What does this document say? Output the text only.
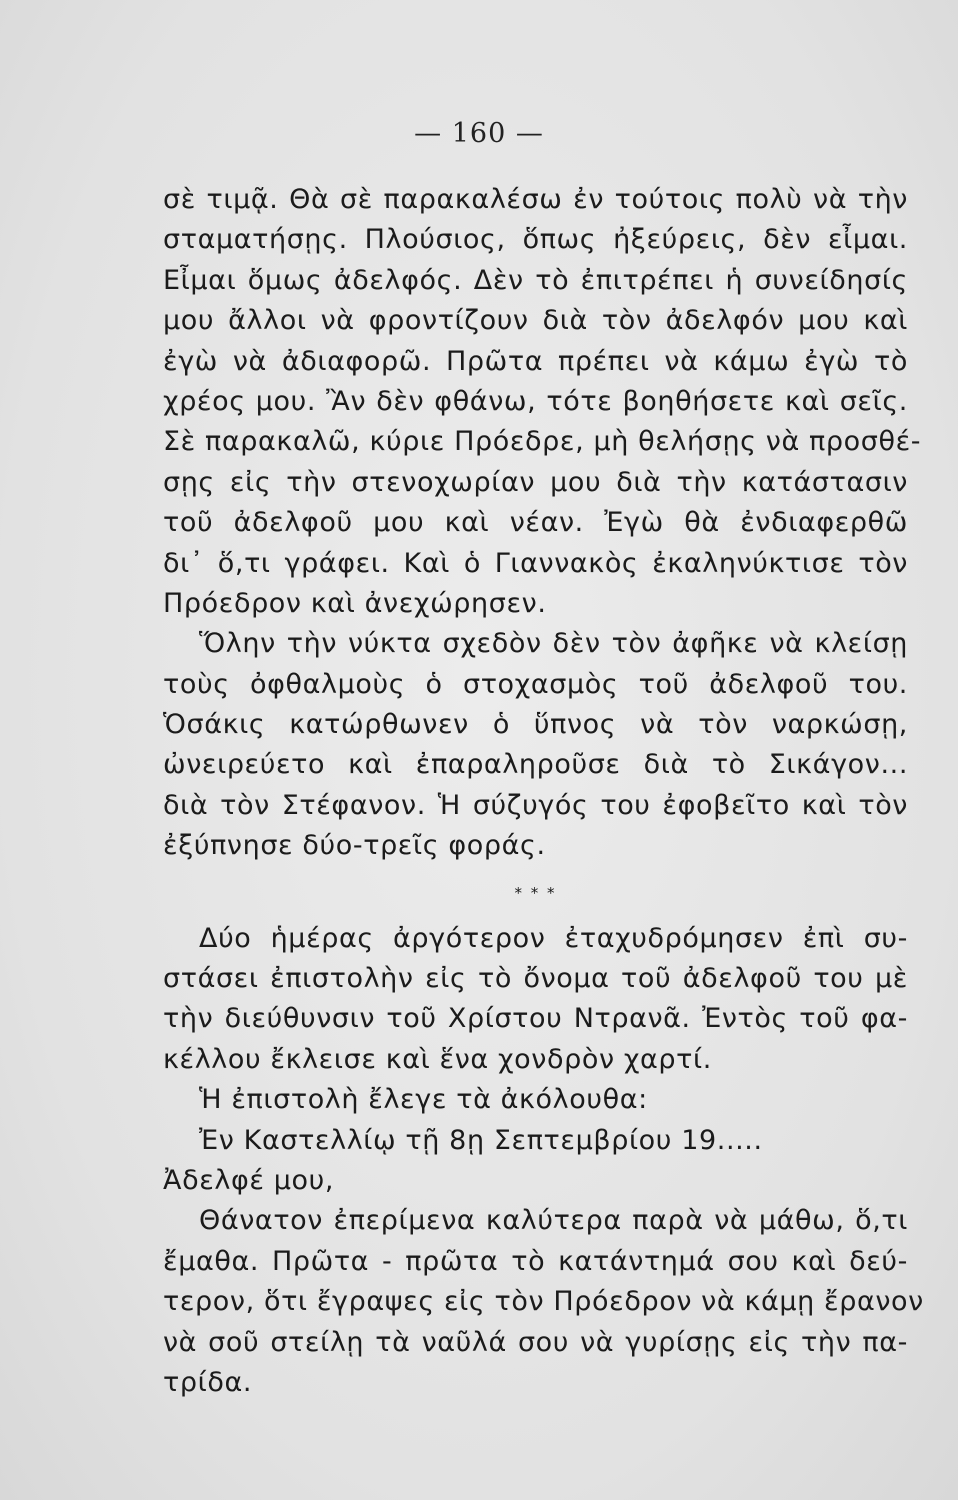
— 160 —
σὲ τιμᾷ. Θὰ σὲ παρακαλέσω ἐν τούτοις πολὺ νὰ τὴν
σταματήσῃς. Πλούσιος, ὅπως ἠξεύρεις, δὲν εἶμαι.
Εἶμαι ὅμως ἀδελφός. Δὲν τὸ ἐπιτρέπει ἡ συνείδησίς
μου ἄλλοι νὰ φροντίζουν διὰ τὸν ἀδελφόν μου καὶ
ἐγὼ νὰ ἀδιαφορῶ. Πρῶτα πρέπει νὰ κάμω ἐγὼ τὸ
χρέος μου. Ἂν δὲν φθάνω, τότε βοηθήσετε καὶ σεῖς.
Σὲ παρακαλῶ, κύριε Πρόεδρε, μὴ θελήσῃς νὰ προσθέ-
σῃς εἰς τὴν στενοχωρίαν μου διὰ τὴν κατάστασιν
τοῦ ἀδελφοῦ μου καὶ νέαν. Ἐγὼ θὰ ἐνδιαφερθῶ
δι᾽ ὅ,τι γράφει. Καὶ ὁ Γιαννακὸς ἐκαληνύκτισε τὸν
Πρόεδρον καὶ ἀνεχώρησεν.
Ὅλην τὴν νύκτα σχεδὸν δὲν τὸν ἀφῆκε νὰ κλείσῃ
τοὺς ὀφθαλμοὺς ὁ στοχασμὸς τοῦ ἀδελφοῦ του.
Ὁσάκις κατώρθωνεν ὁ ὕπνος νὰ τὸν ναρκώσῃ,
ὠνειρεύετο καὶ ἐπαραληροῦσε διὰ τὸ Σικάγον...
διὰ τὸν Στέφανον. Ἡ σύζυγός του ἐφοβεῖτο καὶ τὸν
ἐξύπνησε δύο-τρεῖς φοράς.
* * *
Δύο ἡμέρας ἀργότερον ἐταχυδρόμησεν ἐπὶ συ-
στάσει ἐπιστολὴν εἰς τὸ ὄνομα τοῦ ἀδελφοῦ του μὲ
τὴν διεύθυνσιν τοῦ Χρίστου Ντρανᾶ. Ἐντὸς τοῦ φα-
κέλλου ἔκλεισε καὶ ἕνα χονδρὸν χαρτί.
Ἡ ἐπιστολὴ ἔλεγε τὰ ἀκόλουθα:
Ἐν Καστελλίῳ τῇ 8ῃ Σεπτεμβρίου 19.....
Ἀδελφέ μου,
Θάνατον ἐπερίμενα καλύτερα παρὰ νὰ μάθω, ὅ,τι
ἔμαθα. Πρῶτα - πρῶτα τὸ κατάντημά σου καὶ δεύ-
τερον, ὅτι ἔγραψες εἰς τὸν Πρόεδρον νὰ κάμῃ ἔρανον
νὰ σοῦ στείλῃ τὰ ναῦλά σου νὰ γυρίσῃς εἰς τὴν πα-
τρίδα.
